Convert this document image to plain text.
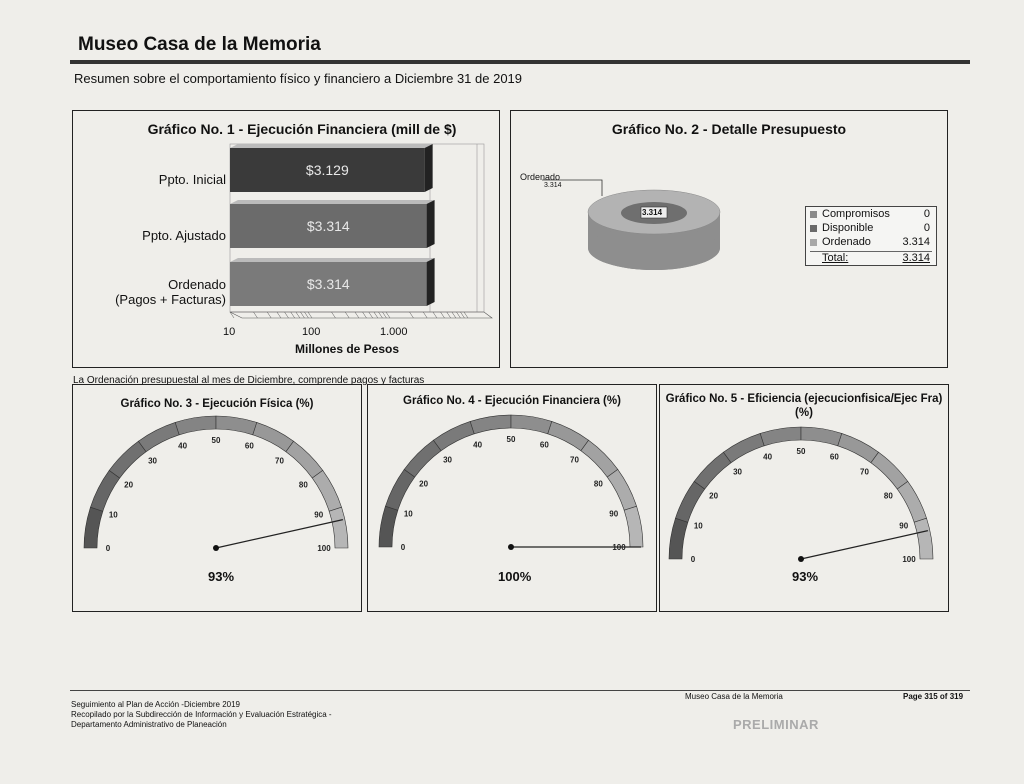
Museo Casa de la Memoria
Resumen sobre el comportamiento físico y financiero a Diciembre 31 de 2019
Gráfico No. 1 - Ejecución Financiera (mill de $)
Ppto. Inicial
Ppto. Ajustado
Ordenado
(Pagos + Facturas)
$3.129
$3.314
$3.314
10	100	1.000
Millones de Pesos
La Ordenación presupuestal al mes de Diciembre, comprende pagos y facturas
Gráfico No. 2 - Detalle Presupuesto
Ordenado
3.314
3.314	Compromisos	0
Disponible	0
Ordenado	3.314
Total:	3.314
Gráfico No. 3 - Ejecución Física (%)	Gráfico No. 4 - Ejecución Financiera (%)	Gráfico No. 5 - Eficiencia (ejecucionfisica/Ejec Fra) (%)
0
10
20
30
40
50
60
70
80
90
100	0
10
20
30
40
50
60
70
80
90
100
0
10
20
30
40
50
60
70
80
90
100
93%	100%	93%
Seguimiento al Plan de Acción -Diciembre 2019
Recopilado por la Subdirección de Información y Evaluación Estratégica -
Departamento Administrativo de Planeación
Museo Casa de la Memoria	Page 315 of 319
PRELIMINAR
